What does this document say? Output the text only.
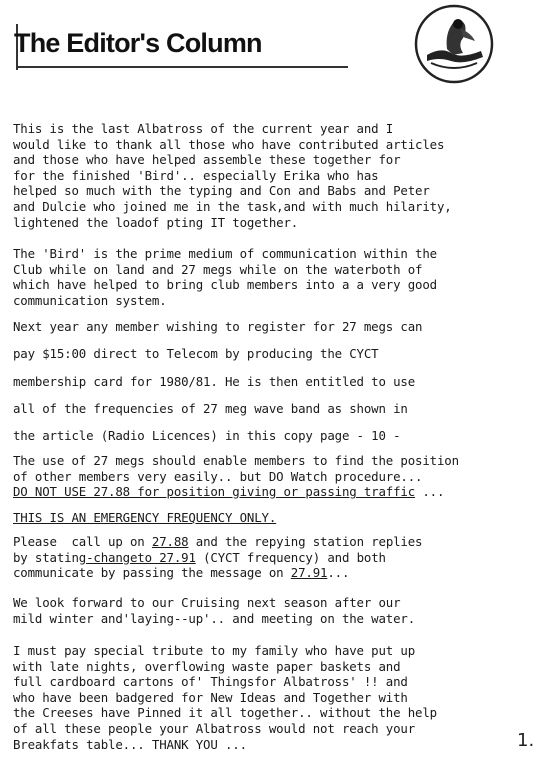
The Editor's Column
This is the last Albatross of the current year and I
would like to thank all those who have contributed articles
and those who have helped assemble these together for
for the finished 'Bird'.. especially Erika who has
helped so much with the typing and Con and Babs and Peter
and Dulcie who joined me in the task,and with much hilarity,
lightened the loadof pting IT together.
The 'Bird' is the prime medium of communication within the
Club while on land and 27 megs while on the waterboth of
which have helped to bring club members into a a very good
communication system.
Next year any member wishing to register for 27 megs can
pay $15:00 direct to Telecom by producing the CYCT
membership card for 1980/81. He is then entitled to use
all of the frequencies of 27 meg wave band as shown in
the article (Radio Licences) in this copy page - 10 -
The use of 27 megs should enable members to find the position
of other members very easily.. but DO Watch procedure...
DO NOT USE 27.88 for position giving or passing traffic ...
THIS IS AN EMERGENCY FREQUENCY ONLY.
Please  call up on 27.88 and the repying station replies
by stating-changeto 27.91 (CYCT frequency) and both
communicate by passing the message on 27.91...
We look forward to our Cruising next season after our
mild winter and'laying--up'.. and meeting on the water.
I must pay special tribute to my family who have put up
with late nights, overflowing waste paper baskets and
full cardboard cartons of' Thingsfor Albatross' !! and
who have been badgered for New Ideas and Together with
the Creeses have Pinned it all together.. without the help
of all these people your Albatross would not reach your
Breakfats table... THANK YOU ...	1.
